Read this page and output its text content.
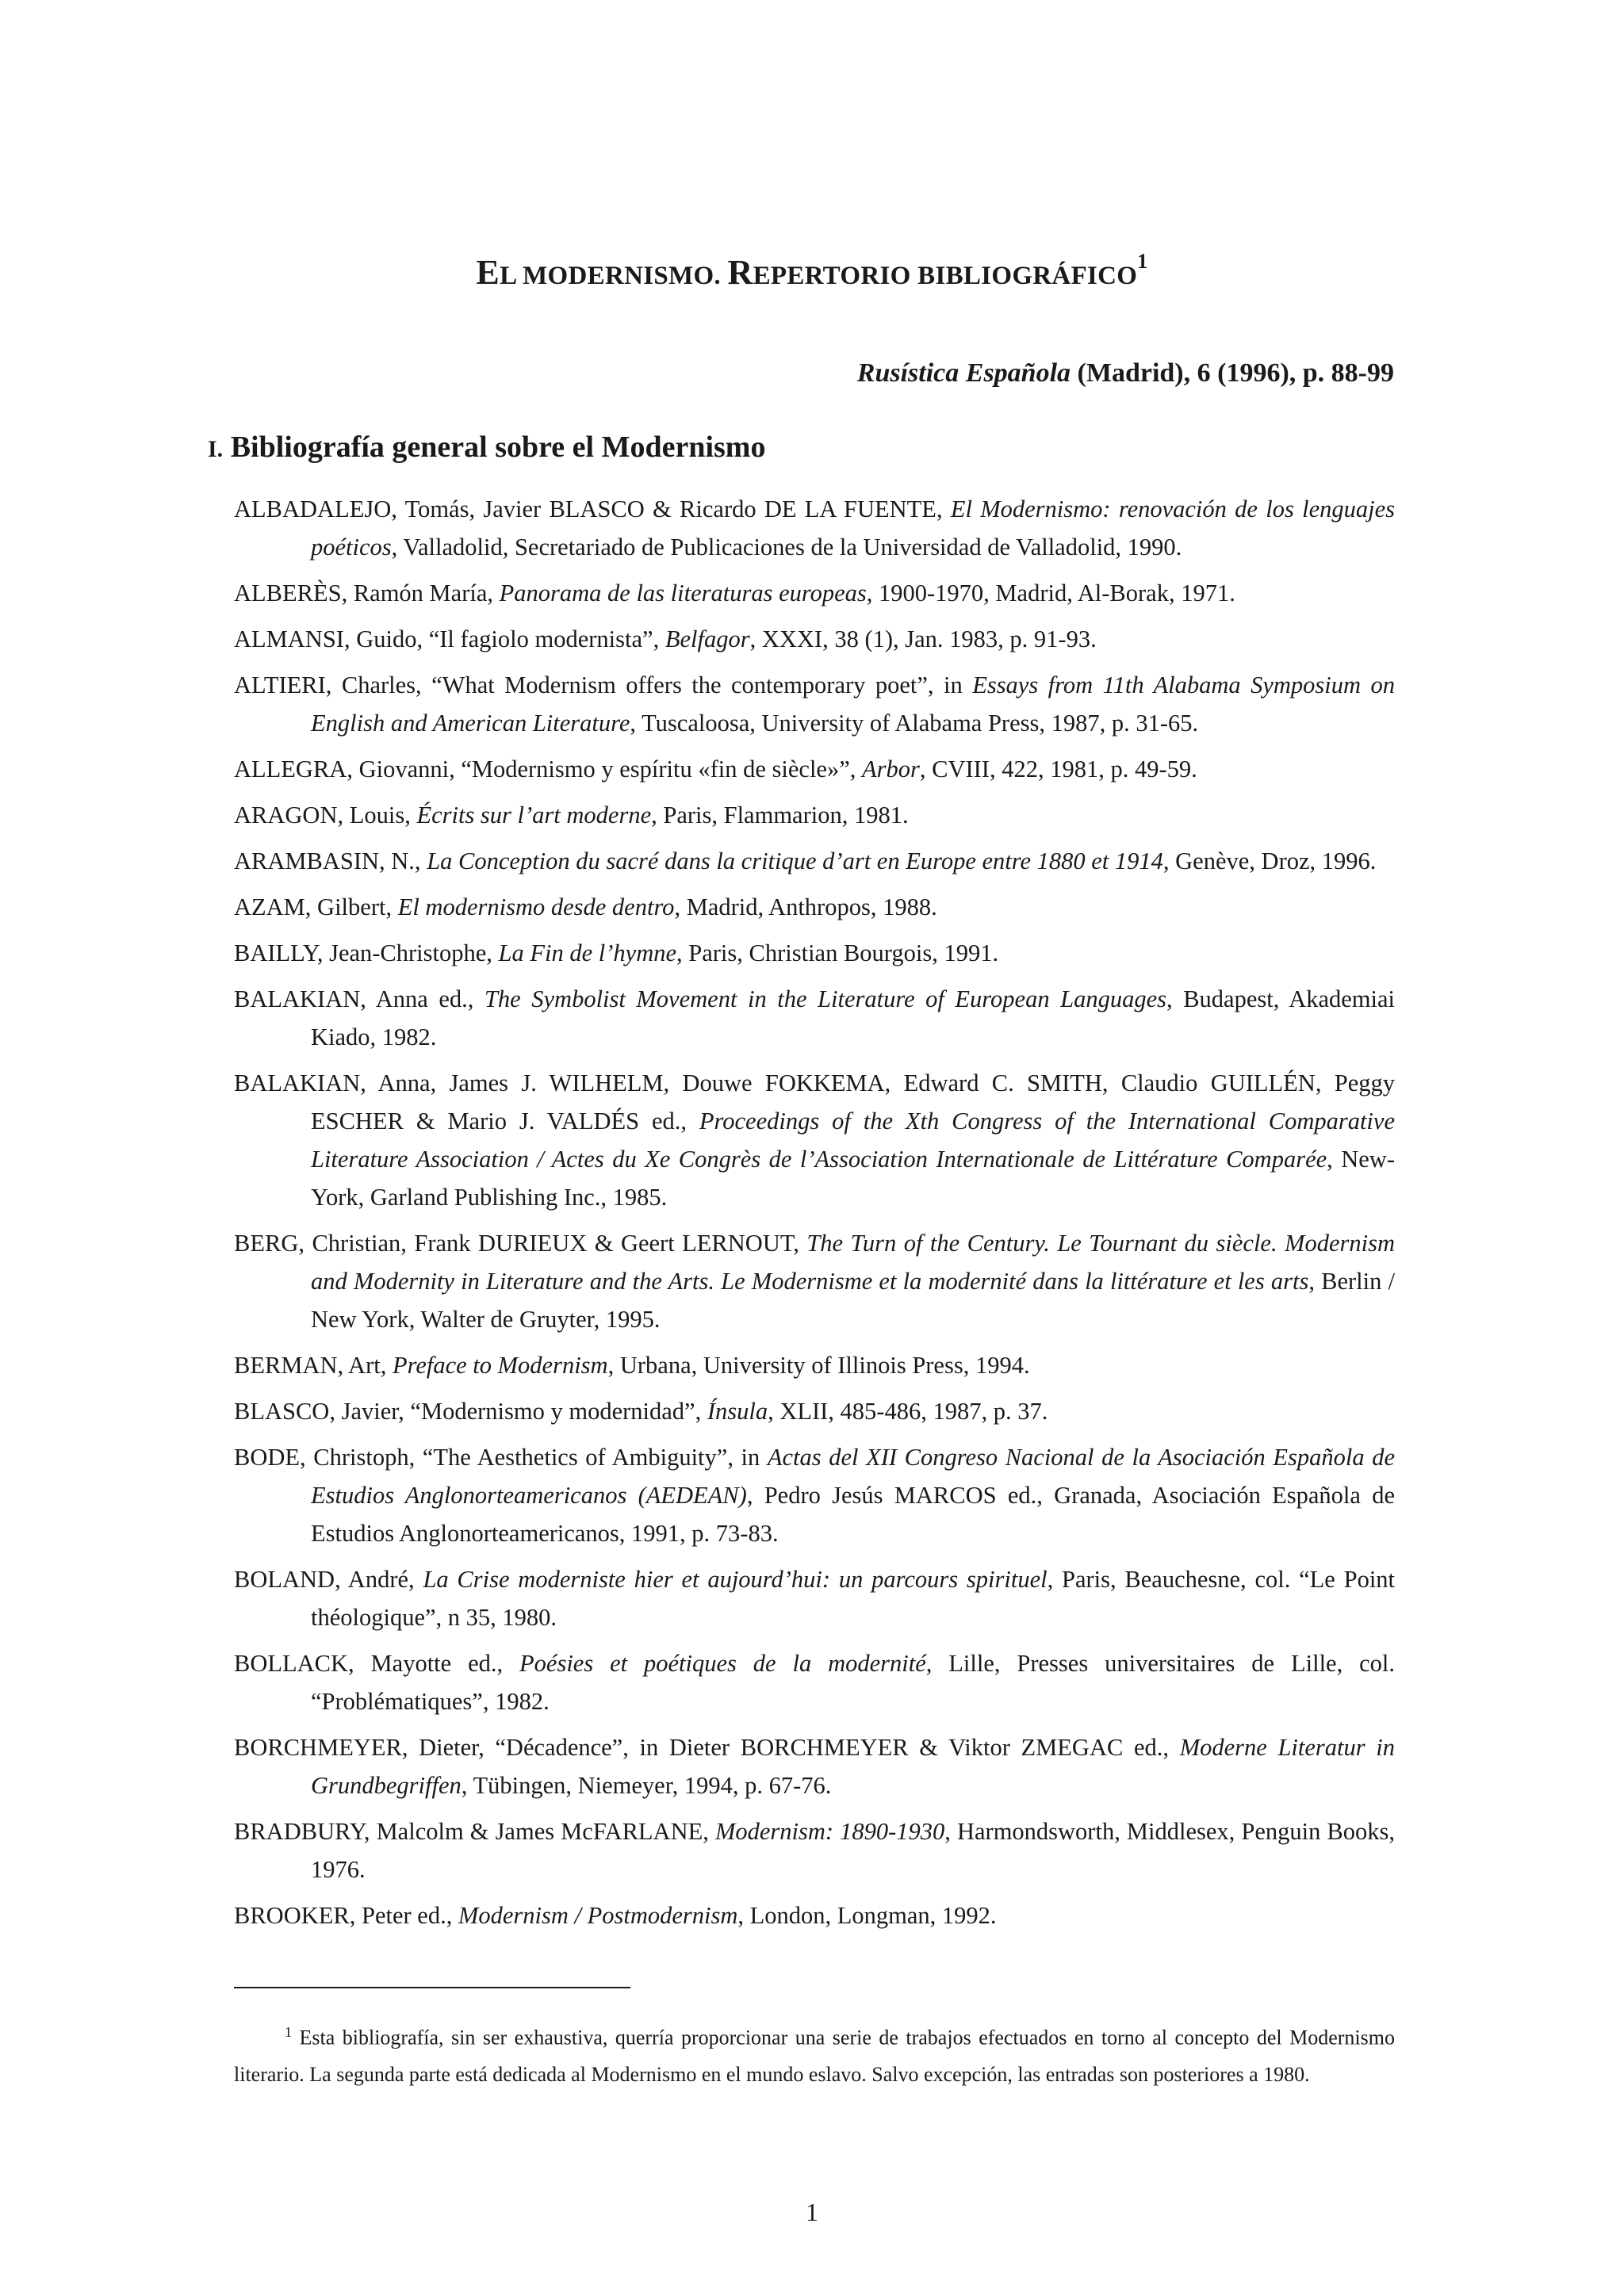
EL MODERNISMO. REPERTORIO BIBLIOGRÁFICO$^1$
Rusística Española (Madrid), 6 (1996), p. 88-99
I. Bibliografía general sobre el Modernismo
ALBADALEJO, Tomás, Javier BLASCO & Ricardo DE LA FUENTE, El Modernismo: renovación de los lenguajes poéticos, Valladolid, Secretariado de Publicaciones de la Universidad de Valladolid, 1990.
ALBERÈS, Ramón María, Panorama de las literaturas europeas, 1900-1970, Madrid, Al-Borak, 1971.
ALMANSI, Guido, “Il fagiolo modernista”, Belfagor, XXXI, 38 (1), Jan. 1983, p. 91-93.
ALTIERI, Charles, “What Modernism offers the contemporary poet”, in Essays from 11th Alabama Symposium on English and American Literature, Tuscaloosa, University of Alabama Press, 1987, p. 31-65.
ALLEGRA, Giovanni, “Modernismo y espíritu «fin de siècle»”, Arbor, CVIII, 422, 1981, p. 49-59.
ARAGON, Louis, Écrits sur l’art moderne, Paris, Flammarion, 1981.
ARAMBASIN, N., La Conception du sacré dans la critique d’art en Europe entre 1880 et 1914, Genève, Droz, 1996.
AZAM, Gilbert, El modernismo desde dentro, Madrid, Anthropos, 1988.
BAILLY, Jean-Christophe, La Fin de l’hymne, Paris, Christian Bourgois, 1991.
BALAKIAN, Anna ed., The Symbolist Movement in the Literature of European Languages, Budapest, Akademiai Kiado, 1982.
BALAKIAN, Anna, James J. WILHELM, Douwe FOKKEMA, Edward C. SMITH, Claudio GUILLÉN, Peggy ESCHER & Mario J. VALDÉS ed., Proceedings of the Xth Congress of the International Comparative Literature Association / Actes du Xe Congrès de l’Association Internationale de Littérature Comparée, New-York, Garland Publishing Inc., 1985.
BERG, Christian, Frank DURIEUX & Geert LERNOUT, The Turn of the Century. Le Tournant du siècle. Modernism and Modernity in Literature and the Arts. Le Modernisme et la modernité dans la littérature et les arts, Berlin / New York, Walter de Gruyter, 1995.
BERMAN, Art, Preface to Modernism, Urbana, University of Illinois Press, 1994.
BLASCO, Javier, “Modernismo y modernidad”, Ínsula, XLII, 485-486, 1987, p. 37.
BODE, Christoph, “The Aesthetics of Ambiguity”, in Actas del XII Congreso Nacional de la Asociación Española de Estudios Anglonorteamericanos (AEDEAN), Pedro Jesús MARCOS ed., Granada, Asociación Española de Estudios Anglonorteamericanos, 1991, p. 73-83.
BOLAND, André, La Crise moderniste hier et aujourd’hui: un parcours spirituel, Paris, Beauchesne, col. “Le Point théologique”, n 35, 1980.
BOLLACK, Mayotte ed., Poésies et poétiques de la modernité, Lille, Presses universitaires de Lille, col. “Problématiques”, 1982.
BORCHMEYER, Dieter, “Décadence”, in Dieter BORCHMEYER & Viktor ZMEGAC ed., Moderne Literatur in Grundbegriffen, Tübingen, Niemeyer, 1994, p. 67-76.
BRADBURY, Malcolm & James McFARLANE, Modernism: 1890-1930, Harmondsworth, Middlesex, Penguin Books, 1976.
BROOKER, Peter ed., Modernism / Postmodernism, London, Longman, 1992.
$^1$ Esta bibliografía, sin ser exhaustiva, querría proporcionar una serie de trabajos efectuados en torno al concepto del Modernismo literario. La segunda parte está dedicada al Modernismo en el mundo eslavo. Salvo excepción, las entradas son posteriores a 1980.
1
